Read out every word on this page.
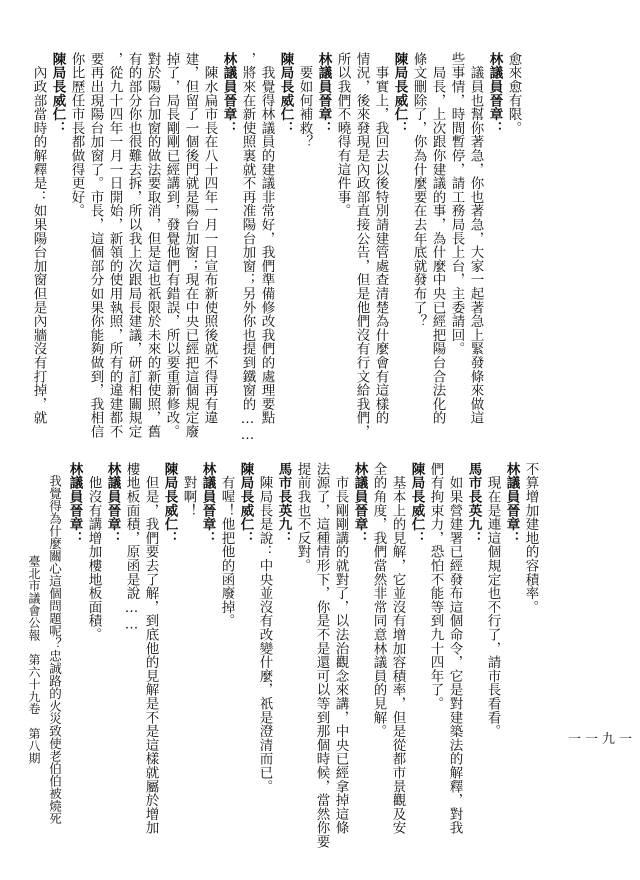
愈來愈有限。
林議員晉章：
　議員也幫你著急，你也著急，大家一起著急上緊發條來做這
些事情，時間暫停，請工務局長上台，主委請回。
　局長，上次跟你建議的事，為什麼中央已經把陽台合法化的
條文刪除了，你為什麼要在去年底就發布了？
陳局長威仁：
　事實上，我回去以後特別請建管處查清楚為什麼會有這樣的
情況，後來發現是內政部直接公告，但是他們沒有行文給我們，
所以我們不曉得有這件事。
林議員晉章：
　要如何補救？
陳局長威仁：
　我覺得林議員的建議非常好，我們準備修改我們的處理要點
，將來在新使照裏就不再准陽台加窗；另外你也提到鐵窗的……
林議員晉章：
　陳水扁市長在八十四年一月一日宣布新使照後就不得再有違
建，但留了一個後門就是陽台加窗；現在中央已經把這個規定廢
掉了，局長剛剛已經講到，發覺他們有錯誤，所以要重新修改。
對於陽台加窗的做法要取消，但是這也祇限於未來的新使照，舊
有的部分你也很難去拆，所以我上次跟局長建議，研訂相關規定
，從九十四年一月一日開始，新領的使用執照，所有的違建都不
要再出現陽台加窗了。市長，這個部分如果你能夠做到，我相信
你比歷任市長都做得更好。
陳局長威仁：
　內政部當時的解釋是：如果陽台加窗但是內牆沒有打掉，就
臺北市議會公報　第六十九卷　第八期
不算增加建地的容積率。
林議員晉章：
　現在是連這個規定也不行了，請市長看看。
馬市長英九：
　如果營建署已經發布這個命令，它是對建築法的解釋，對我
們有拘束力，恐怕不能等到九十四年了。
陳局長威仁：
　基本上的見解，它並沒有增加容積率，但是從都市景觀及安
全的角度，我們當然非常同意林議員的見解。
林議員晉章：
　市長剛剛講的就對了，以法治觀念來講，中央已經拿掉這條
法源了，這種情形下，你是不是還可以等到那個時候，當然你要
提前我也不反對。
馬市長英九：
　陳局長是說：中央並沒有改變什麼，祇是澄清而已。
陳局長威仁：
　有喔！他把他的函廢掉。
林議員晉章：
　對啊！
陳局長威仁：
　但是，我們要去了解，到底他的見解是不是這樣就屬於增加
樓地板面積，原函是說……
林議員晉章：
　他沒有講增加樓地板面積。
林議員晉章：
　我覺得為什麼關心這個問題呢？忠誠路的火災致使老伯伯被燒死	一一九一
